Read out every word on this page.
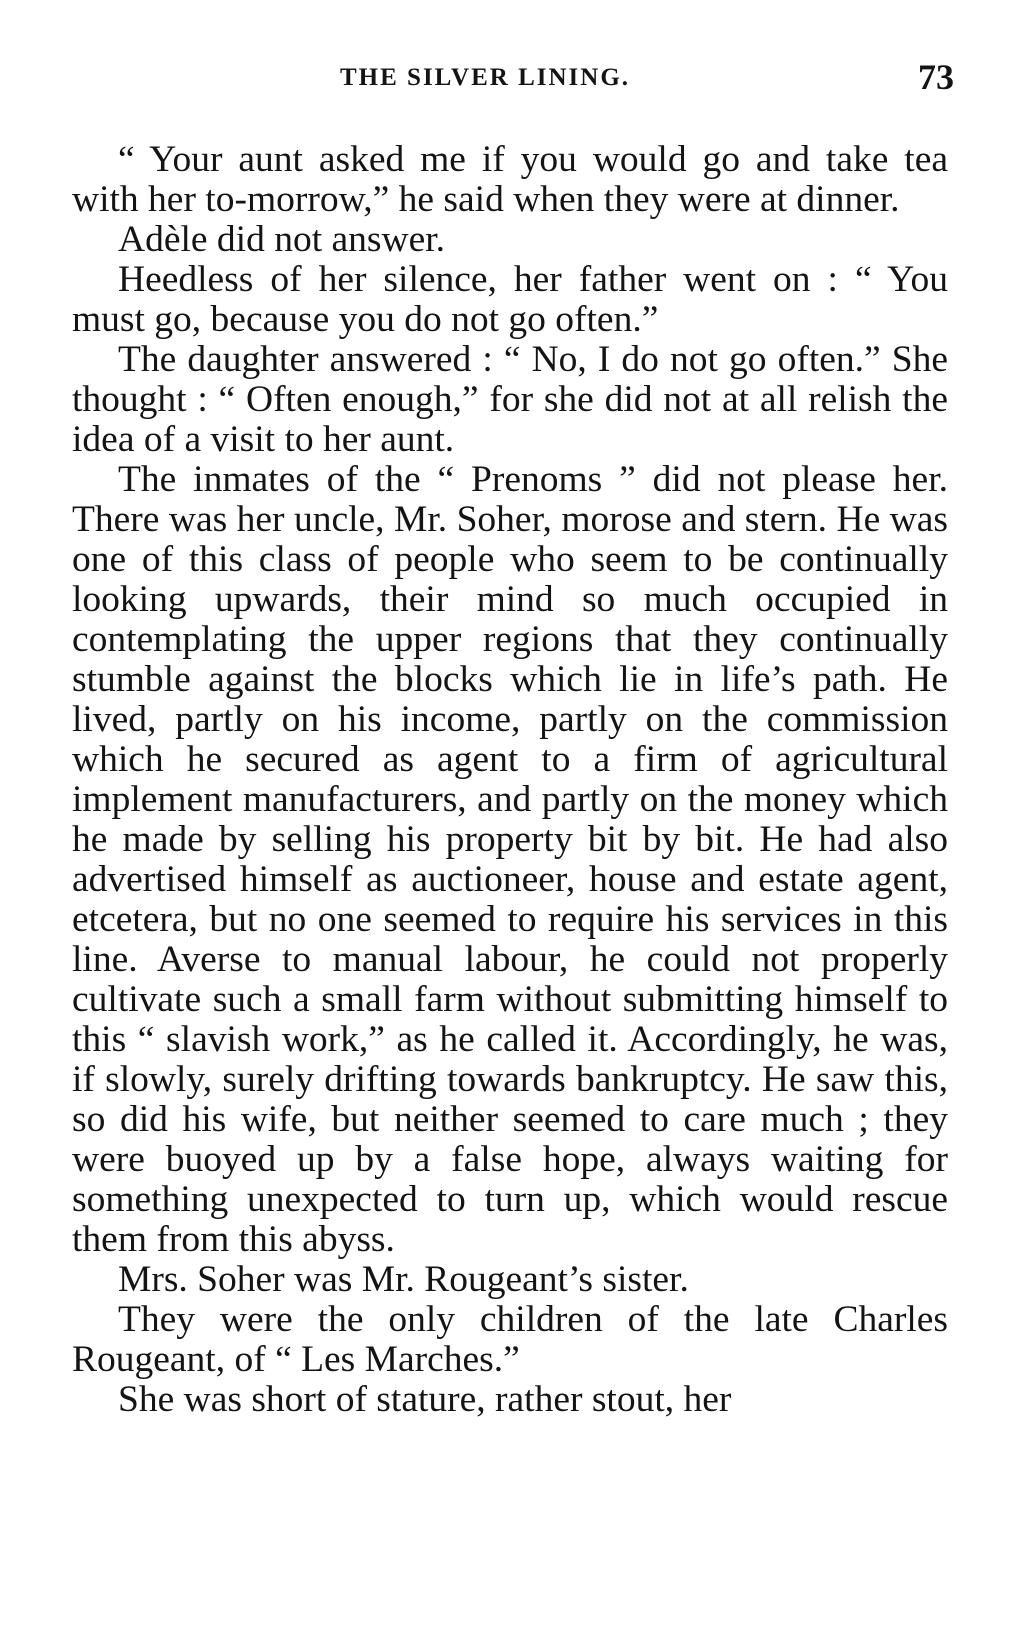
THE SILVER LINING.	73

“ Your aunt asked me if you would go and take tea with her to-morrow,” he said when they were at dinner.

Adèle did not answer.

Heedless of her silence, her father went on : “ You must go, because you do not go often.”

The daughter answered : “ No, I do not go often.” She thought : “ Often enough,” for she did not at all relish the idea of a visit to her aunt.

The inmates of the “ Prenoms ” did not please her. There was her uncle, Mr. Soher, morose and stern. He was one of this class of people who seem to be continually looking upwards, their mind so much occupied in contemplating the upper regions that they continually stumble against the blocks which lie in life’s path. He lived, partly on his income, partly on the commission which he secured as agent to a firm of agricultural implement manufacturers, and partly on the money which he made by selling his property bit by bit. He had also advertised himself as auctioneer, house and estate agent, etcetera, but no one seemed to require his services in this line. Averse to manual labour, he could not properly cultivate such a small farm without submitting himself to this “ slavish work,” as he called it. Accordingly, he was, if slowly, surely drifting towards bankruptcy. He saw this, so did his wife, but neither seemed to care much ; they were buoyed up by a false hope, always waiting for something unexpected to turn up, which would rescue them from this abyss.

Mrs. Soher was Mr. Rougeant’s sister.

They were the only children of the late Charles Rougeant, of “ Les Marches.”

She was short of stature, rather stout, her
